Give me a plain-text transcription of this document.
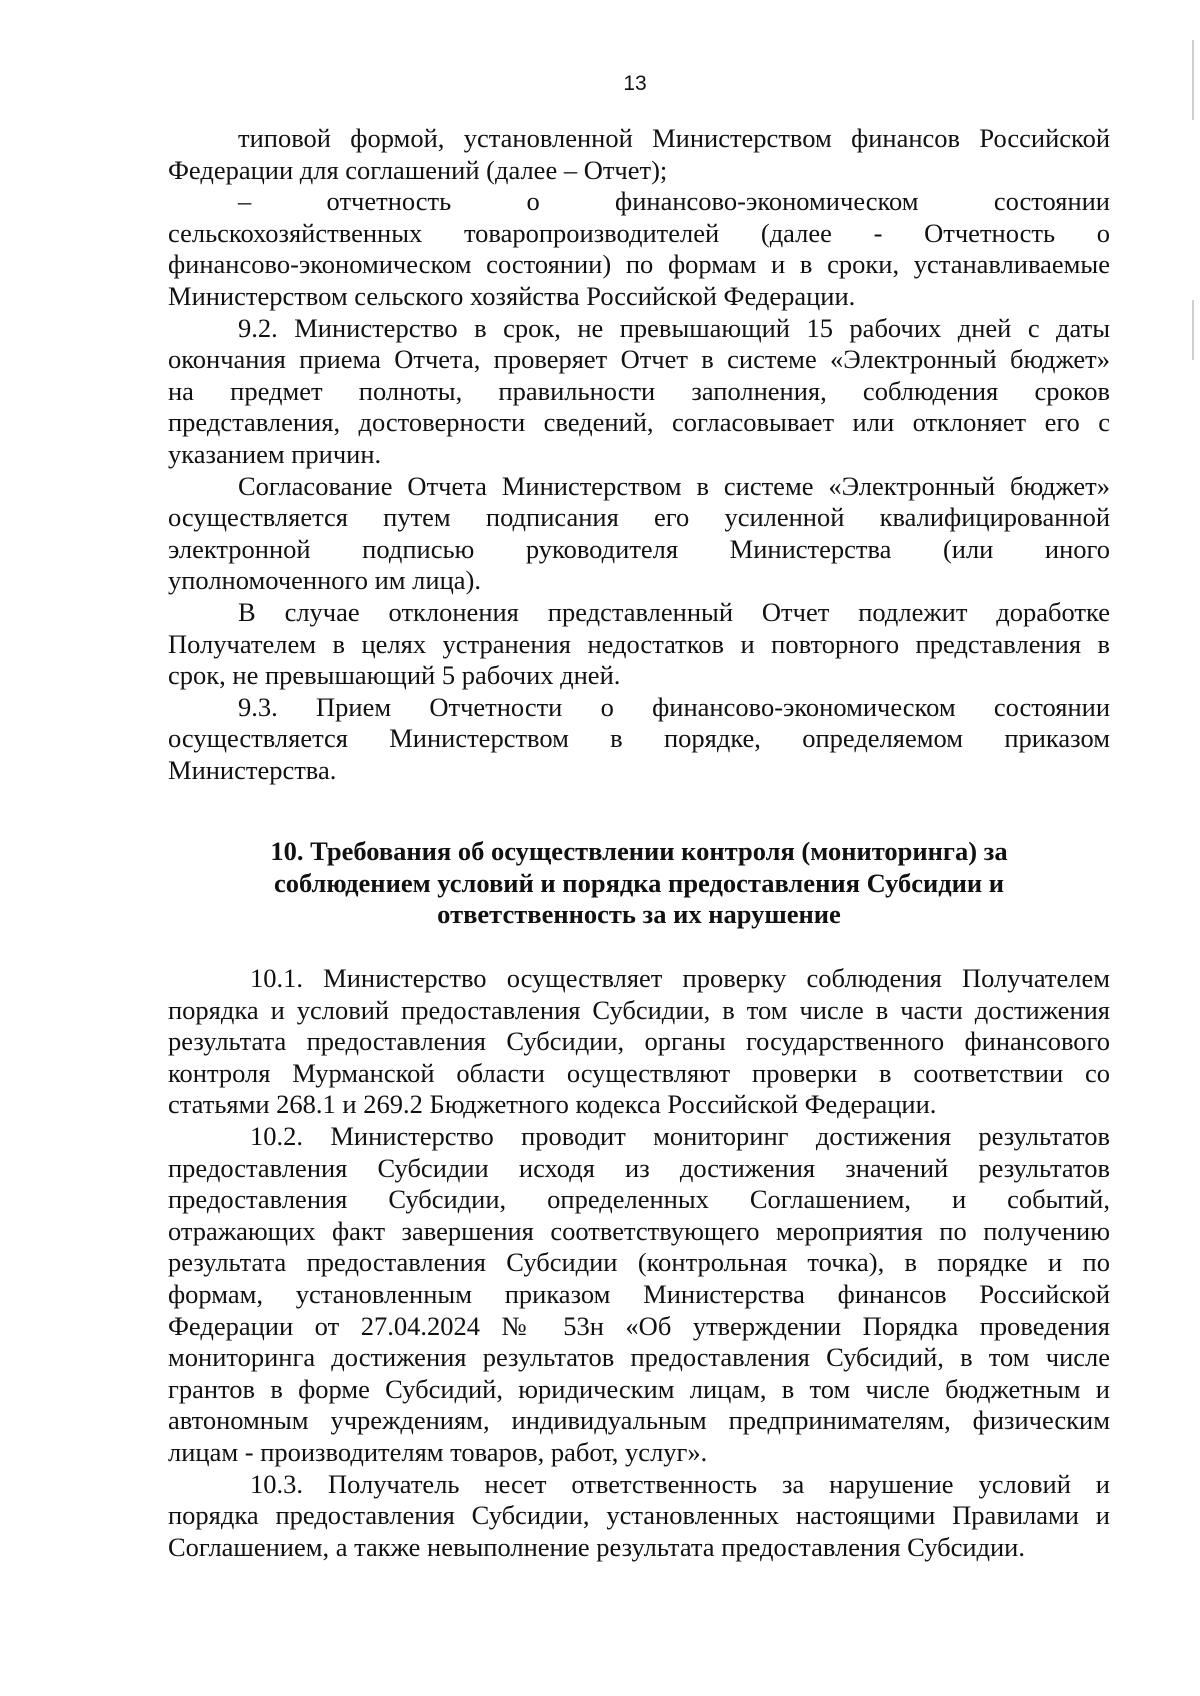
13
типовой формой, установленной Министерством финансов Российской
Федерации для соглашений (далее – Отчет);
– отчетность о финансово-экономическом состоянии
сельскохозяйственных товаропроизводителей (далее - Отчетность о
финансово-экономическом состоянии) по формам и в сроки, устанавливаемые
Министерством сельского хозяйства Российской Федерации.
9.2. Министерство в срок, не превышающий 15 рабочих дней с даты
окончания приема Отчета, проверяет Отчет в системе «Электронный бюджет»
на предмет полноты, правильности заполнения, соблюдения сроков
представления, достоверности сведений, согласовывает или отклоняет его с
указанием причин.
Согласование Отчета Министерством в системе «Электронный бюджет»
осуществляется путем подписания его усиленной квалифицированной
электронной подписью руководителя Министерства (или иного
уполномоченного им лица).
В случае отклонения представленный Отчет подлежит доработке
Получателем в целях устранения недостатков и повторного представления в
срок, не превышающий 5 рабочих дней.
9.3. Прием Отчетности о финансово-экономическом состоянии
осуществляется Министерством в порядке, определяемом приказом
Министерства.
10. Требования об осуществлении контроля (мониторинга) за
соблюдением условий и порядка предоставления Субсидии и
ответственность за их нарушение
10.1. Министерство осуществляет проверку соблюдения Получателем
порядка и условий предоставления Субсидии, в том числе в части достижения
результата предоставления Субсидии, органы государственного финансового
контроля Мурманской области осуществляют проверки в соответствии со
статьями 268.1 и 269.2 Бюджетного кодекса Российской Федерации.
10.2. Министерство проводит мониторинг достижения результатов
предоставления Субсидии исходя из достижения значений результатов
предоставления Субсидии, определенных Соглашением, и событий,
отражающих факт завершения соответствующего мероприятия по получению
результата предоставления Субсидии (контрольная точка), в порядке и по
формам, установленным приказом Министерства финансов Российской
Федерации от 27.04.2024 № 53н «Об утверждении Порядка проведения
мониторинга достижения результатов предоставления Субсидий, в том числе
грантов в форме Субсидий, юридическим лицам, в том числе бюджетным и
автономным учреждениям, индивидуальным предпринимателям, физическим
лицам - производителям товаров, работ, услуг».
10.3. Получатель несет ответственность за нарушение условий и
порядка предоставления Субсидии, установленных настоящими Правилами и
Соглашением, а также невыполнение результата предоставления Субсидии.
